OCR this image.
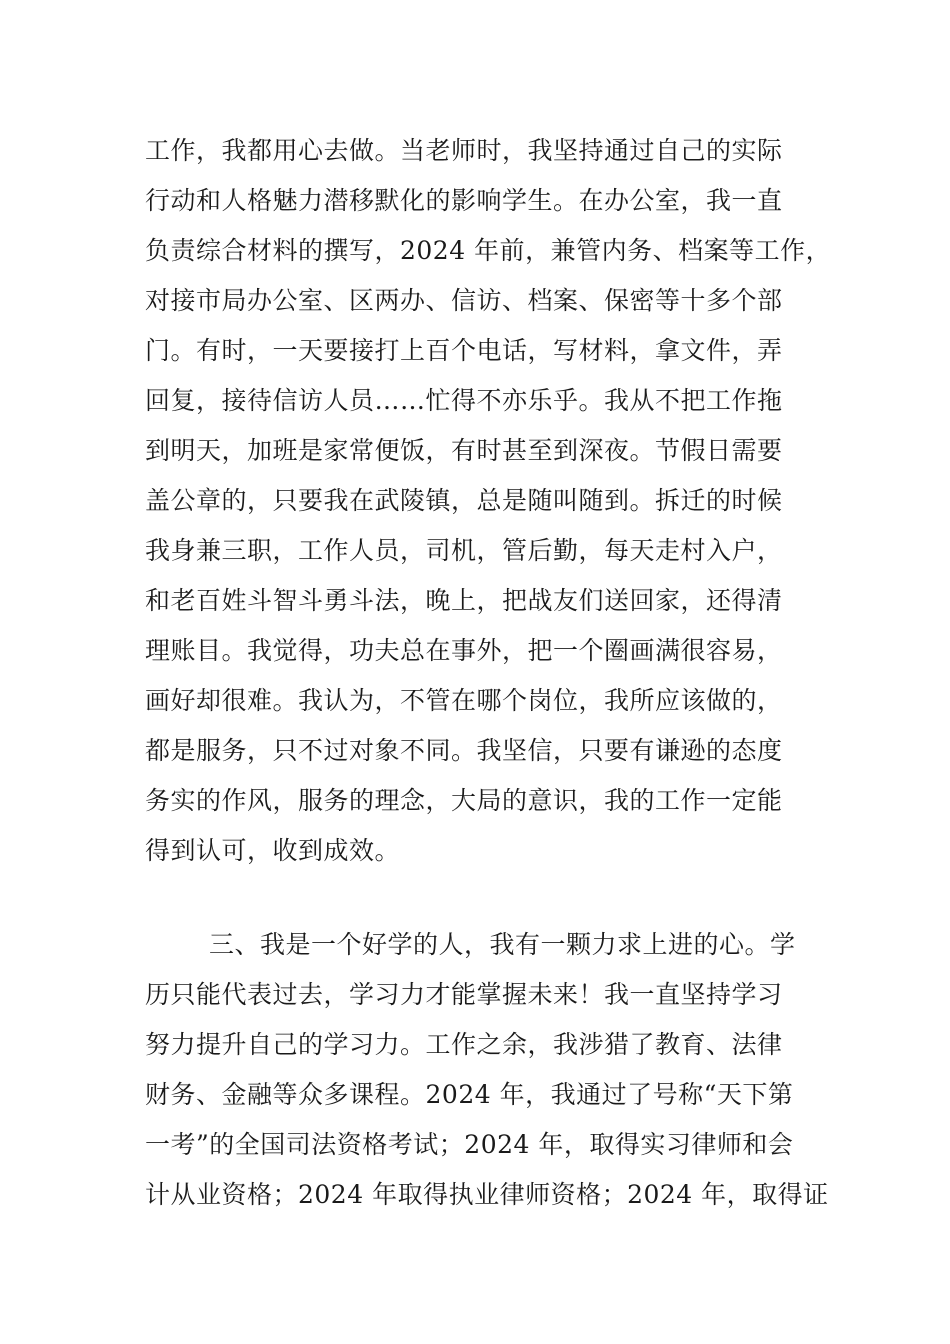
工作，我都用心去做。当老师时，我坚持通过自己的实际
行动和人格魅力潜移默化的影响学生。在办公室，我一直
负责综合材料的撰写，2024 年前，兼管内务、档案等工作，
对接市局办公室、区两办、信访、档案、保密等十多个部
门。有时，一天要接打上百个电话，写材料，拿文件，弄
回复，接待信访人员……忙得不亦乐乎。我从不把工作拖
到明天，加班是家常便饭，有时甚至到深夜。节假日需要
盖公章的，只要我在武陵镇，总是随叫随到。拆迁的时候
我身兼三职，工作人员，司机，管后勤，每天走村入户，
和老百姓斗智斗勇斗法，晚上，把战友们送回家，还得清
理账目。我觉得，功夫总在事外，把一个圈画满很容易，
画好却很难。我认为，不管在哪个岗位，我所应该做的，
都是服务，只不过对象不同。我坚信，只要有谦逊的态度
务实的作风，服务的理念，大局的意识，我的工作一定能
得到认可，收到成效。
三、我是一个好学的人，我有一颗力求上进的心。学
历只能代表过去，学习力才能掌握未来！我一直坚持学习
努力提升自己的学习力。工作之余，我涉猎了教育、法律
财务、金融等众多课程。2024 年，我通过了号称“天下第
一考”的全国司法资格考试；2024 年，取得实习律师和会
计从业资格；2024 年取得执业律师资格；2024 年，取得证
